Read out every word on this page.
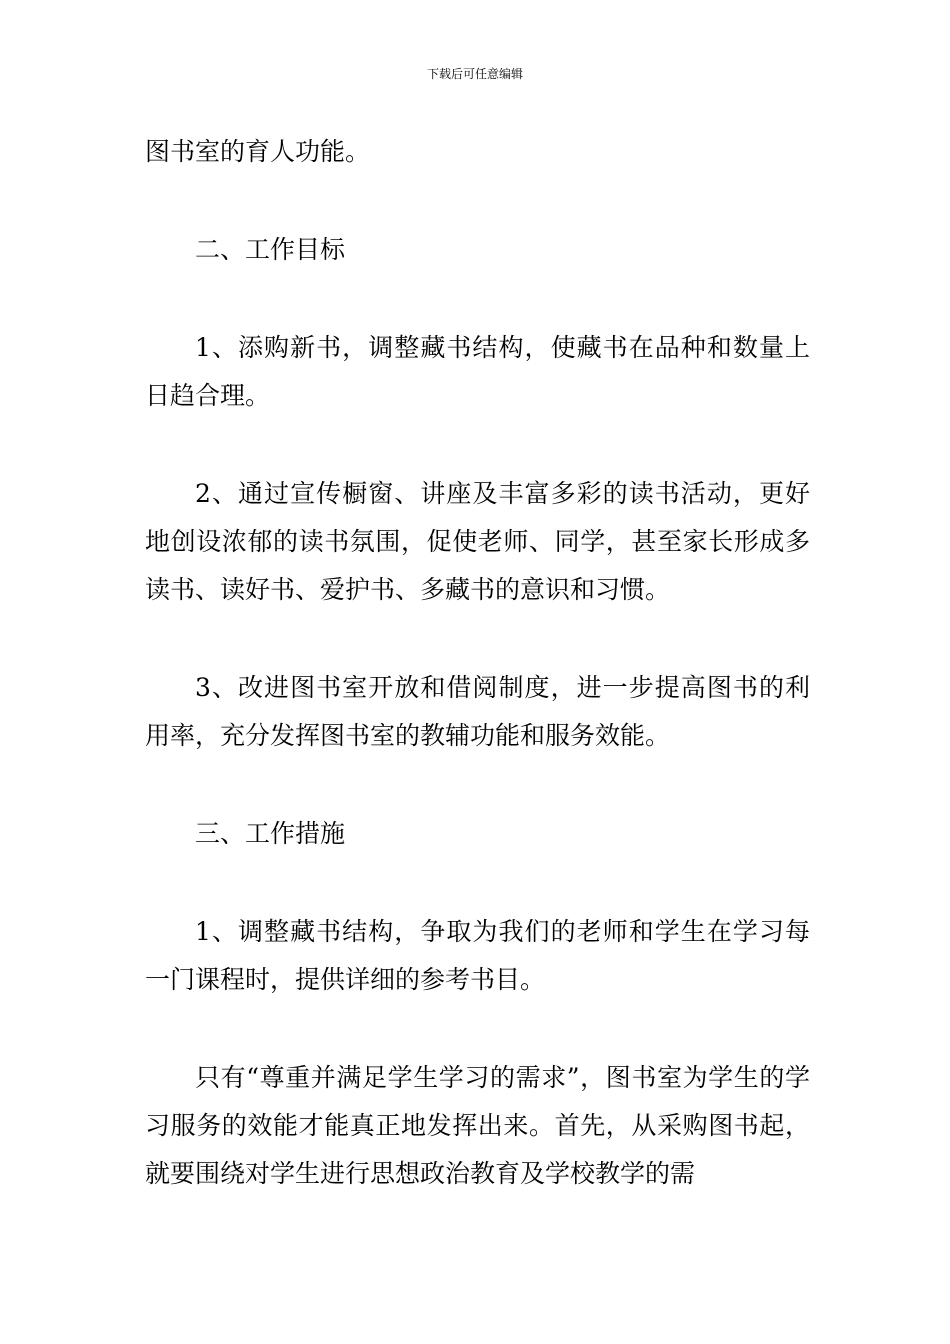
下载后可任意编辑

图书室的育人功能。

二、工作目标

1、添购新书，调整藏书结构，使藏书在品种和数量上日趋合理。

2、通过宣传橱窗、讲座及丰富多彩的读书活动，更好地创设浓郁的读书氛围，促使老师、同学，甚至家长形成多读书、读好书、爱护书、多藏书的意识和习惯。

3、改进图书室开放和借阅制度，进一步提高图书的利用率，充分发挥图书室的教辅功能和服务效能。

三、工作措施

1、调整藏书结构，争取为我们的老师和学生在学习每一门课程时，提供详细的参考书目。

只有“尊重并满足学生学习的需求”，图书室为学生的学习服务的效能才能真正地发挥出来。首先，从采购图书起，就要围绕对学生进行思想政治教育及学校教学的需
